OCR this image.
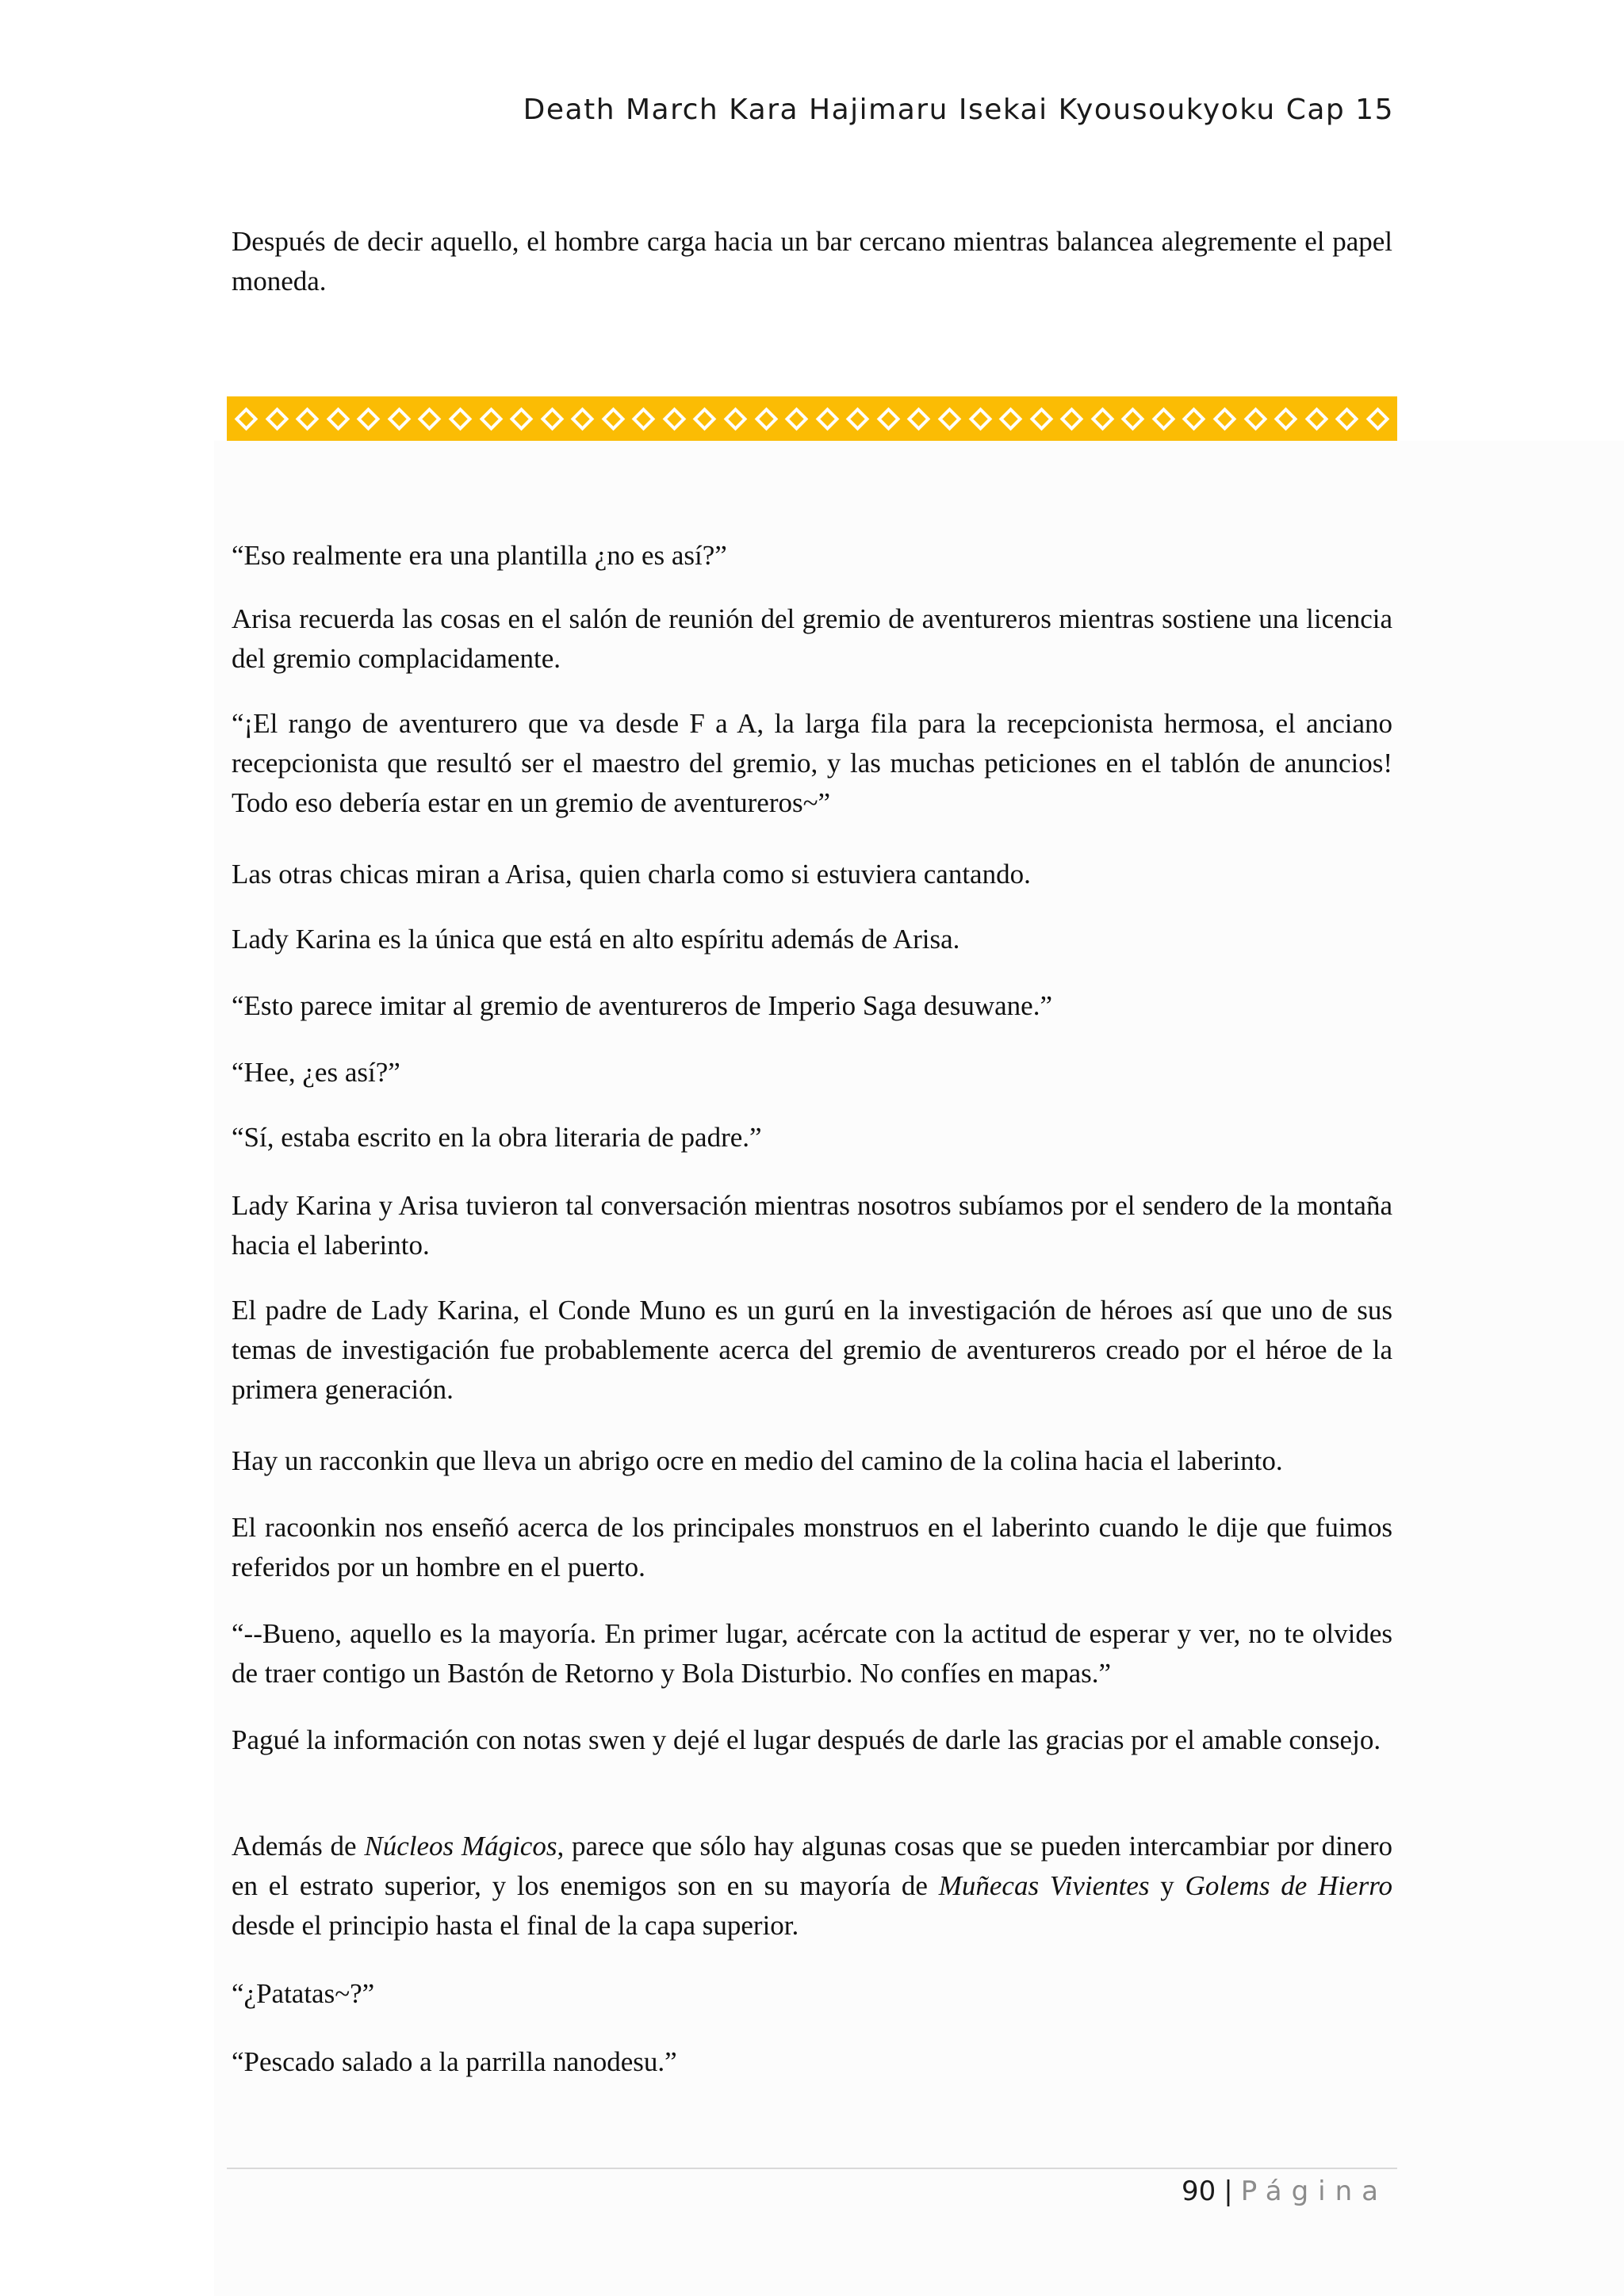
Death March Kara Hajimaru Isekai Kyousoukyoku Cap 15

Después de decir aquello, el hombre carga hacia un bar cercano mientras balancea alegremente el papel moneda.

“Eso realmente era una plantilla ¿no es así?”

Arisa recuerda las cosas en el salón de reunión del gremio de aventureros mientras sostiene una licencia del gremio complacidamente.

“¡El rango de aventurero que va desde F a A, la larga fila para la recepcionista hermosa, el anciano recepcionista que resultó ser el maestro del gremio, y las muchas peticiones en el tablón de anuncios! Todo eso debería estar en un gremio de aventureros~”

Las otras chicas miran a Arisa, quien charla como si estuviera cantando.

Lady Karina es la única que está en alto espíritu además de Arisa.

“Esto parece imitar al gremio de aventureros de Imperio Saga desuwane.”

“Hee, ¿es así?”

“Sí, estaba escrito en la obra literaria de padre.”

Lady Karina y Arisa tuvieron tal conversación mientras nosotros subíamos por el sendero de la montaña hacia el laberinto.

El padre de Lady Karina, el Conde Muno es un gurú en la investigación de héroes así que uno de sus temas de investigación fue probablemente acerca del gremio de aventureros creado por el héroe de la primera generación.

Hay un racconkin que lleva un abrigo ocre en medio del camino de la colina hacia el laberinto.

El racoonkin nos enseñó acerca de los principales monstruos en el laberinto cuando le dije que fuimos referidos por un hombre en el puerto.

“--Bueno, aquello es la mayoría. En primer lugar, acércate con la actitud de esperar y ver, no te olvides de traer contigo un Bastón de Retorno y Bola Disturbio. No confíes en mapas.”

Pagué la información con notas swen y dejé el lugar después de darle las gracias por el amable consejo.

Además de Núcleos Mágicos, parece que sólo hay algunas cosas que se pueden intercambiar por dinero en el estrato superior, y los enemigos son en su mayoría de Muñecas Vivientes y Golems de Hierro desde el principio hasta el final de la capa superior.

“¿Patatas~?”

“Pescado salado a la parrilla nanodesu.”

90 | Página
